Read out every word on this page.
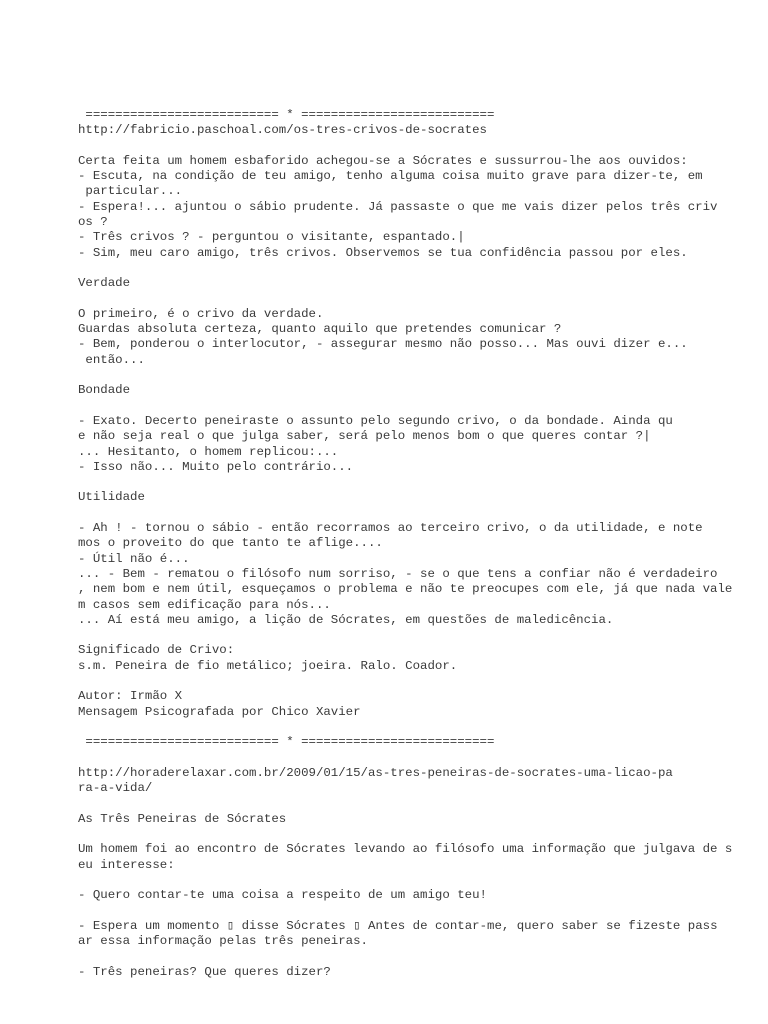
========================== * ==========================
http://fabricio.paschoal.com/os-tres-crivos-de-socrates
Certa feita um homem esbaforido achegou-se a Sócrates e sussurrou-lhe aos ouvidos:
- Escuta, na condição de teu amigo, tenho alguma coisa muito grave para dizer-te, em
particular...
- Espera!... ajuntou o sábio prudente. Já passaste o que me vais dizer pelos três criv
os ?
- Três crivos ? - perguntou o visitante, espantado.|
- Sim, meu caro amigo, três crivos. Observemos se tua confidência passou por eles.
Verdade
O primeiro, é o crivo da verdade.
Guardas absoluta certeza, quanto aquilo que pretendes comunicar ?
- Bem, ponderou o interlocutor, - assegurar mesmo não posso... Mas ouvi dizer e...
então...
Bondade
- Exato. Decerto peneiraste o assunto pelo segundo crivo, o da bondade. Ainda qu
e não seja real o que julga saber, será pelo menos bom o que queres contar ?|
... Hesitanto, o homem replicou:...
- Isso não... Muito pelo contrário...
Utilidade
- Ah ! - tornou o sábio - então recorramos ao terceiro crivo, o da utilidade, e note
mos o proveito do que tanto te aflige....
- Útil não é...
... - Bem - rematou o filósofo num sorriso, - se o que tens a confiar não é verdadeiro
, nem bom e nem útil, esqueçamos o problema e não te preocupes com ele, já que nada vale
m casos sem edificação para nós...
... Aí está meu amigo, a lição de Sócrates, em questões de maledicência.
Significado de Crivo:
s.m. Peneira de fio metálico; joeira. Ralo. Coador.
Autor: Irmão X
Mensagem Psicografada por Chico Xavier
========================== * ==========================
http://horaderelaxar.com.br/2009/01/15/as-tres-peneiras-de-socrates-uma-licao-pa
ra-a-vida/
As Três Peneiras de Sócrates
Um homem foi ao encontro de Sócrates levando ao filósofo uma informação que julgava de s
eu interesse:
- Quero contar-te uma coisa a respeito de um amigo teu!
- Espera um momento ▯ disse Sócrates ▯ Antes de contar-me, quero saber se fizeste pass
ar essa informação pelas três peneiras.
- Três peneiras? Que queres dizer?
